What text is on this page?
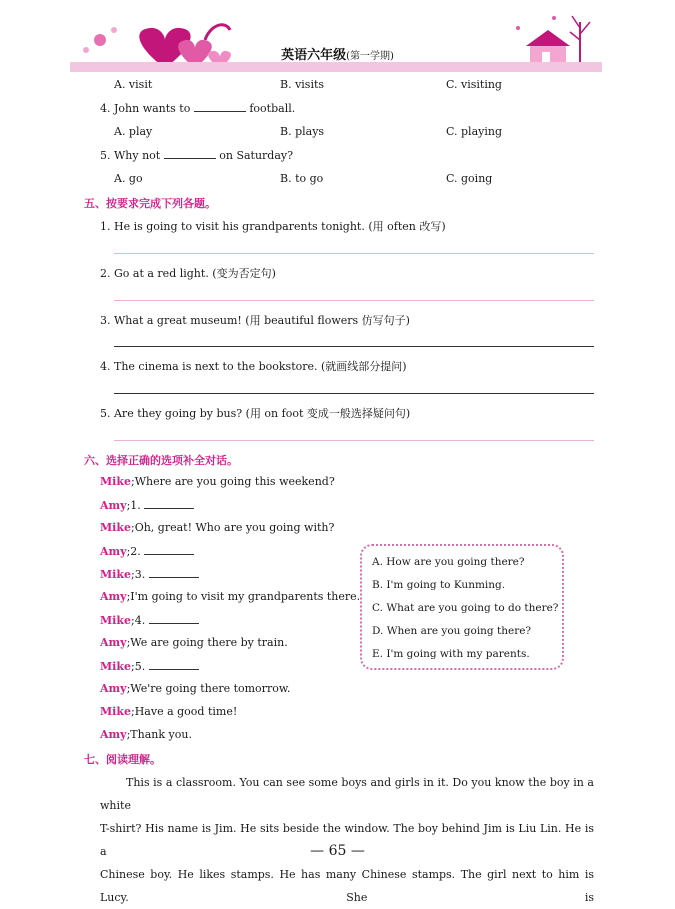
英语六年级(第一学期)
A. visit	B. visits	C. visiting
4. John wants to	football.
A. play	B. plays	C. playing
5. Why not	on Saturday?
A. go	B. to go	C. going
五、按要求完成下列各题。
1. He is going to visit his grandparents tonight. (用 often 改写)
2. Go at a red light. (变为否定句)
3. What a great museum! (用 beautiful flowers 仿写句子)
4. The cinema is next to the bookstore. (就画线部分提问)
5. Are they going by bus? (用 on foot 变成一般选择疑问句)
六、选择正确的选项补全对话。
Mike;Where are you going this weekend?
Amy;1.
Mike;Oh, great! Who are you going with?
Amy;2.
Mike;3.
Amy;I'm going to visit my grandparents there.
Mike;4.
Amy;We are going there by train.
Mike;5.
Amy;We're going there tomorrow.
Mike;Have a good time!
Amy;Thank you.
A. How are you going there?
B. I'm going to Kunming.
C. What are you going to do there?
D. When are you going there?
E. I'm going with my parents.
七、阅读理解。
This is a classroom. You can see some boys and girls in it. Do you know the boy in a white
T-shirt? His name is Jim. He sits beside the window. The boy behind Jim is Liu Lin. He is a
Chinese boy. He likes stamps. He has many Chinese stamps. The girl next to him is Lucy. She is
— 65 —
